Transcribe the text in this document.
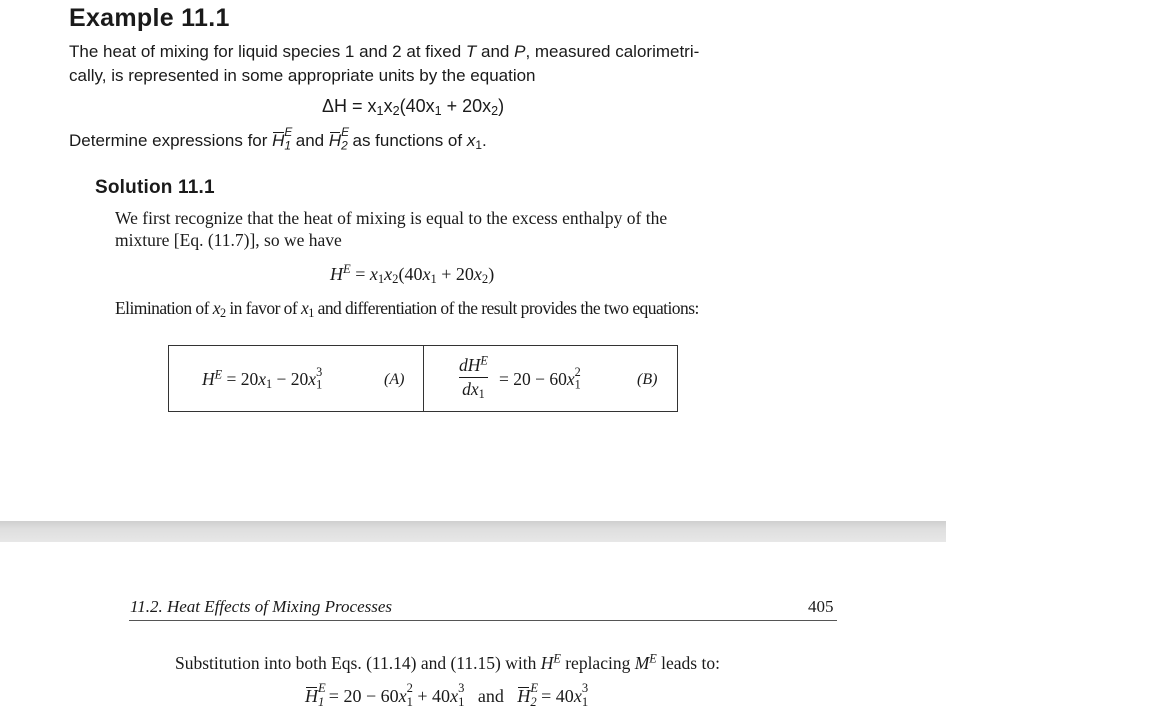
Example 11.1
The heat of mixing for liquid species 1 and 2 at fixed T and P, measured calorimetri-
cally, is represented in some appropriate units by the equation
$\Delta H = x_1x_2(40x_1 + 20x_2)$
Determine expressions for H E
1 and H E
2 as functions of $x_1$.
Solution 11.1
We first recognize that the heat of mixing is equal to the excess enthalpy of the
mixture [Eq. (11.7)], so we have
$H^E = x_1x_2(40x_1 + 20x_2)$
Elimination of $x_2$ in favor of $x_1$ and differentiation of the result provides the two equations:
$H^E = 20x_1 - 20x$ 3
1	(A)
$dH^E$
$dx_1$
= 20 − 60x 2
1	(B)
11.2. Heat Effects of Mixing Processes	405
Substitution into both Eqs. (11.14) and (11.15) with $H^E$ replacing $M^E$ leads to:
H E
1 = 20 − 60x 2
1 + 40x 3
1 and H E
2 = 40x 3
1
